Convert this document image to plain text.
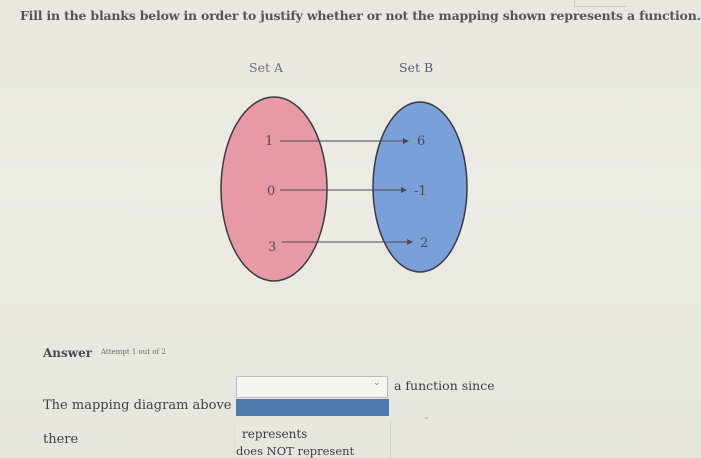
Fill in the blanks below in order to justify whether or not the mapping shown represents a function.
Set A	Set B
1
0
3
6
-1
2
Answer Attempt 1 out of 2
The mapping diagram above
⌄ a function since
⌄
there	represents
does NOT represent
